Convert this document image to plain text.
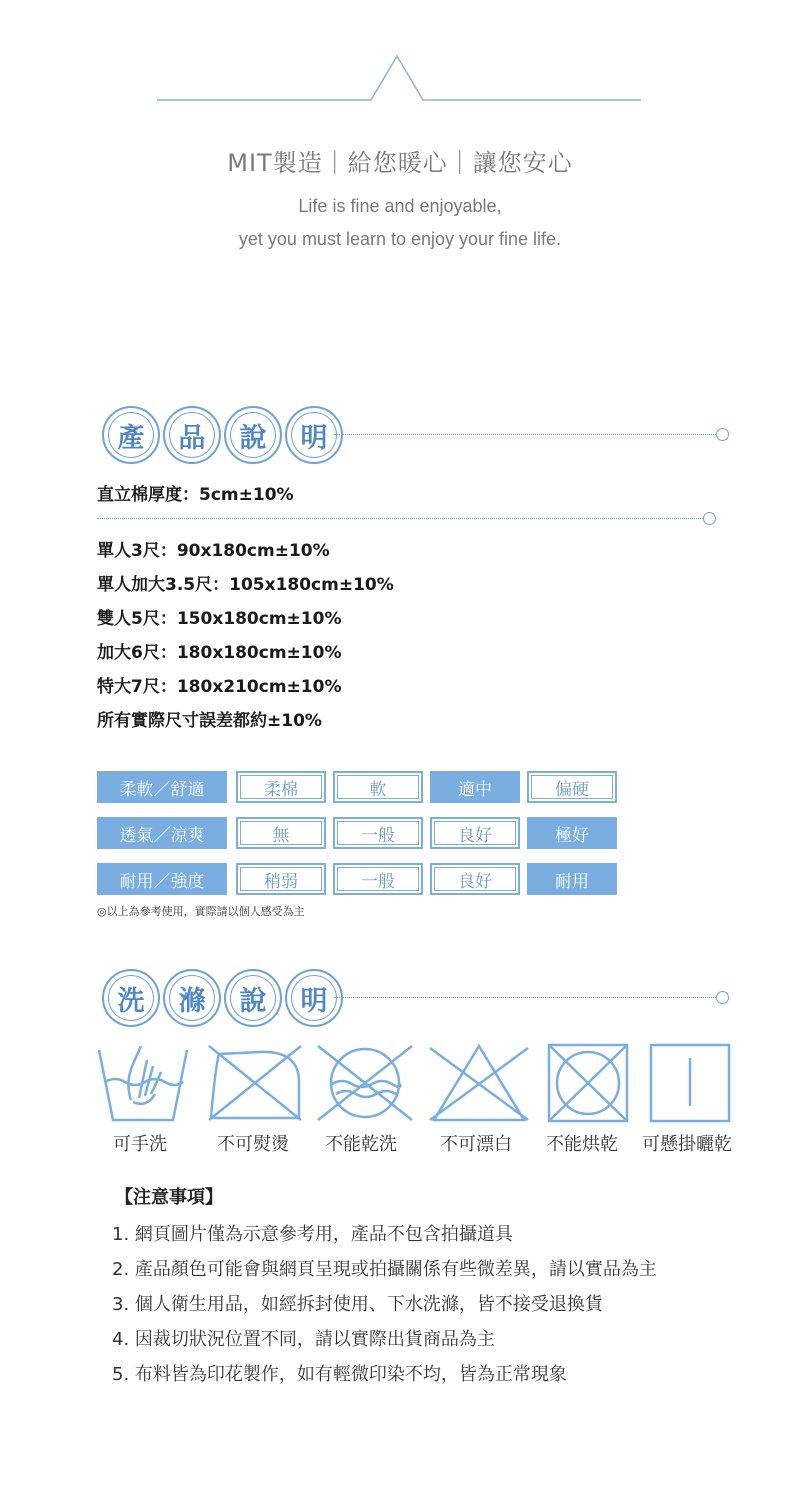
MIT製造｜給您暖心｜讓您安心
Life is fine and enjoyable,
yet you must learn to enjoy your fine life.
產	品	說	明
直立棉厚度：5cm±10%
單人3尺：90x180cm±10%
單人加大3.5尺：105x180cm±10%
雙人5尺：150x180cm±10%
加大6尺：180x180cm±10%
特大7尺：180x210cm±10%
所有實際尺寸誤差都約±10%
柔軟／舒適	柔棉	軟	適中	偏硬
透氣／涼爽	無	一般	良好	極好
耐用／強度	稍弱	一般	良好	耐用
◎以上為參考使用，實際請以個人感受為主
洗	滌	說	明
可手洗	不可熨燙 不能乾洗 不可漂白 不能烘乾 可懸掛曬乾
【注意事項】
1. 網頁圖片僅為示意參考用，產品不包含拍攝道具
2. 產品顏色可能會與網頁呈現或拍攝關係有些微差異，請以實品為主
3. 個人衛生用品，如經拆封使用、下水洗滌，皆不接受退換貨
4. 因裁切狀況位置不同，請以實際出貨商品為主
5. 布料皆為印花製作，如有輕微印染不均，皆為正常現象
